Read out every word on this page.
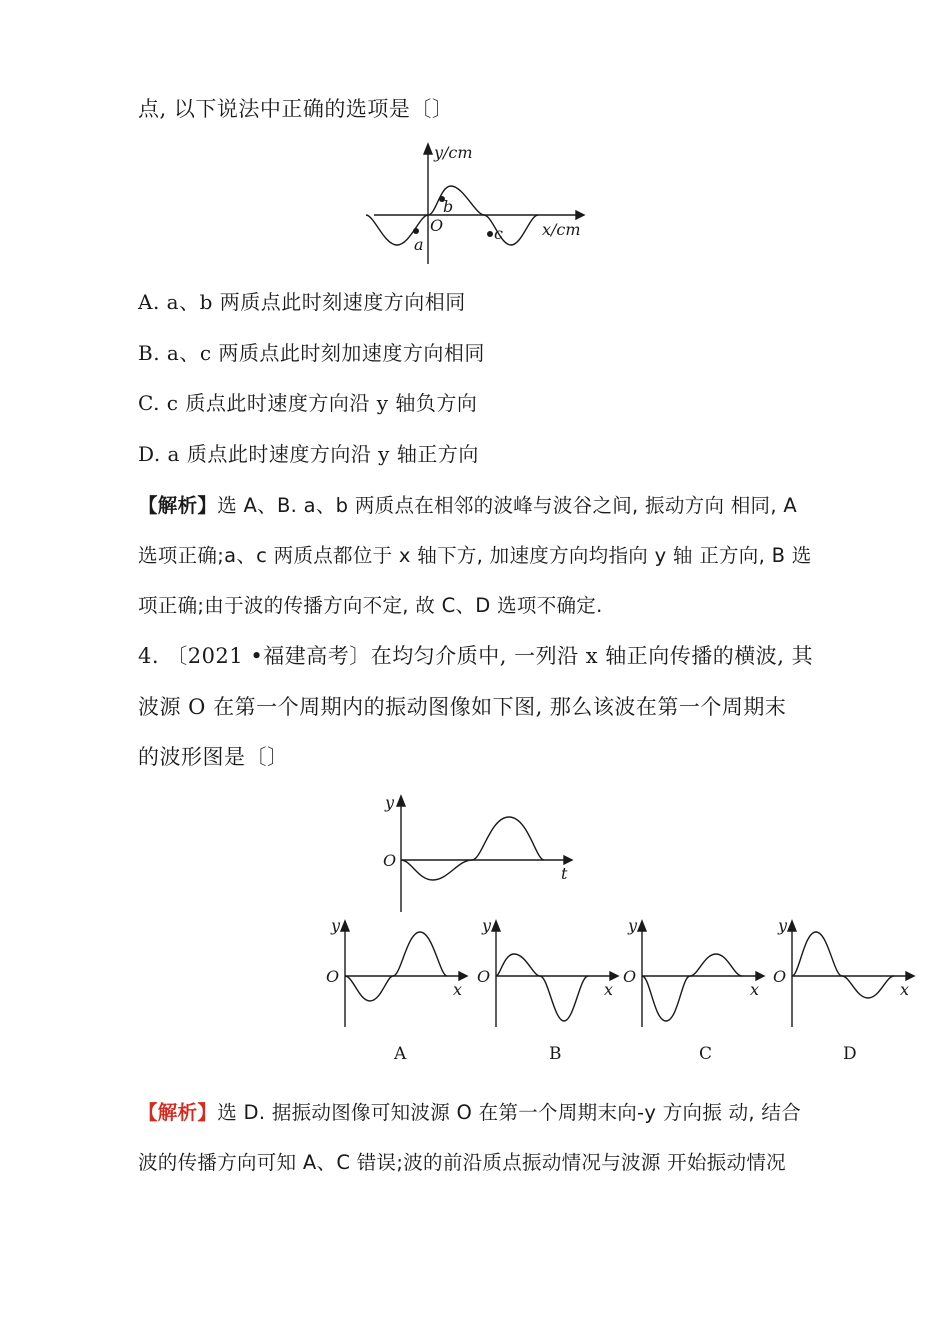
点, 以下说法中正确的选项是〔〕
y/cm
x/cm
O
a
b
c
A. a、b 两质点此时刻速度方向相同
B. a、c 两质点此时刻加速度方向相同
C. c 质点此时速度方向沿 y 轴负方向
D. a 质点此时速度方向沿 y 轴正方向
【解析】选 A、B. a、b 两质点在相邻的波峰与波谷之间, 振动方向 相同, A
选项正确;a、c 两质点都位于 x 轴下方, 加速度方向均指向 y 轴 正方向, B 选
项正确;由于波的传播方向不定, 故 C、D 选项不确定.
4. 〔2021 •福建高考〕在均匀介质中, 一列沿 x 轴正向传播的横波, 其
波源 O 在第一个周期内的振动图像如下图, 那么该波在第一个周期末
的波形图是〔〕
y
O
t
y
O
x
A
y
O
x
B
y
O
x
C
y
O
x
D
【解析】选 D. 据振动图像可知波源 O 在第一个周期末向-y 方向振 动, 结合
波的传播方向可知 A、C 错误;波的前沿质点振动情况与波源 开始振动情况
